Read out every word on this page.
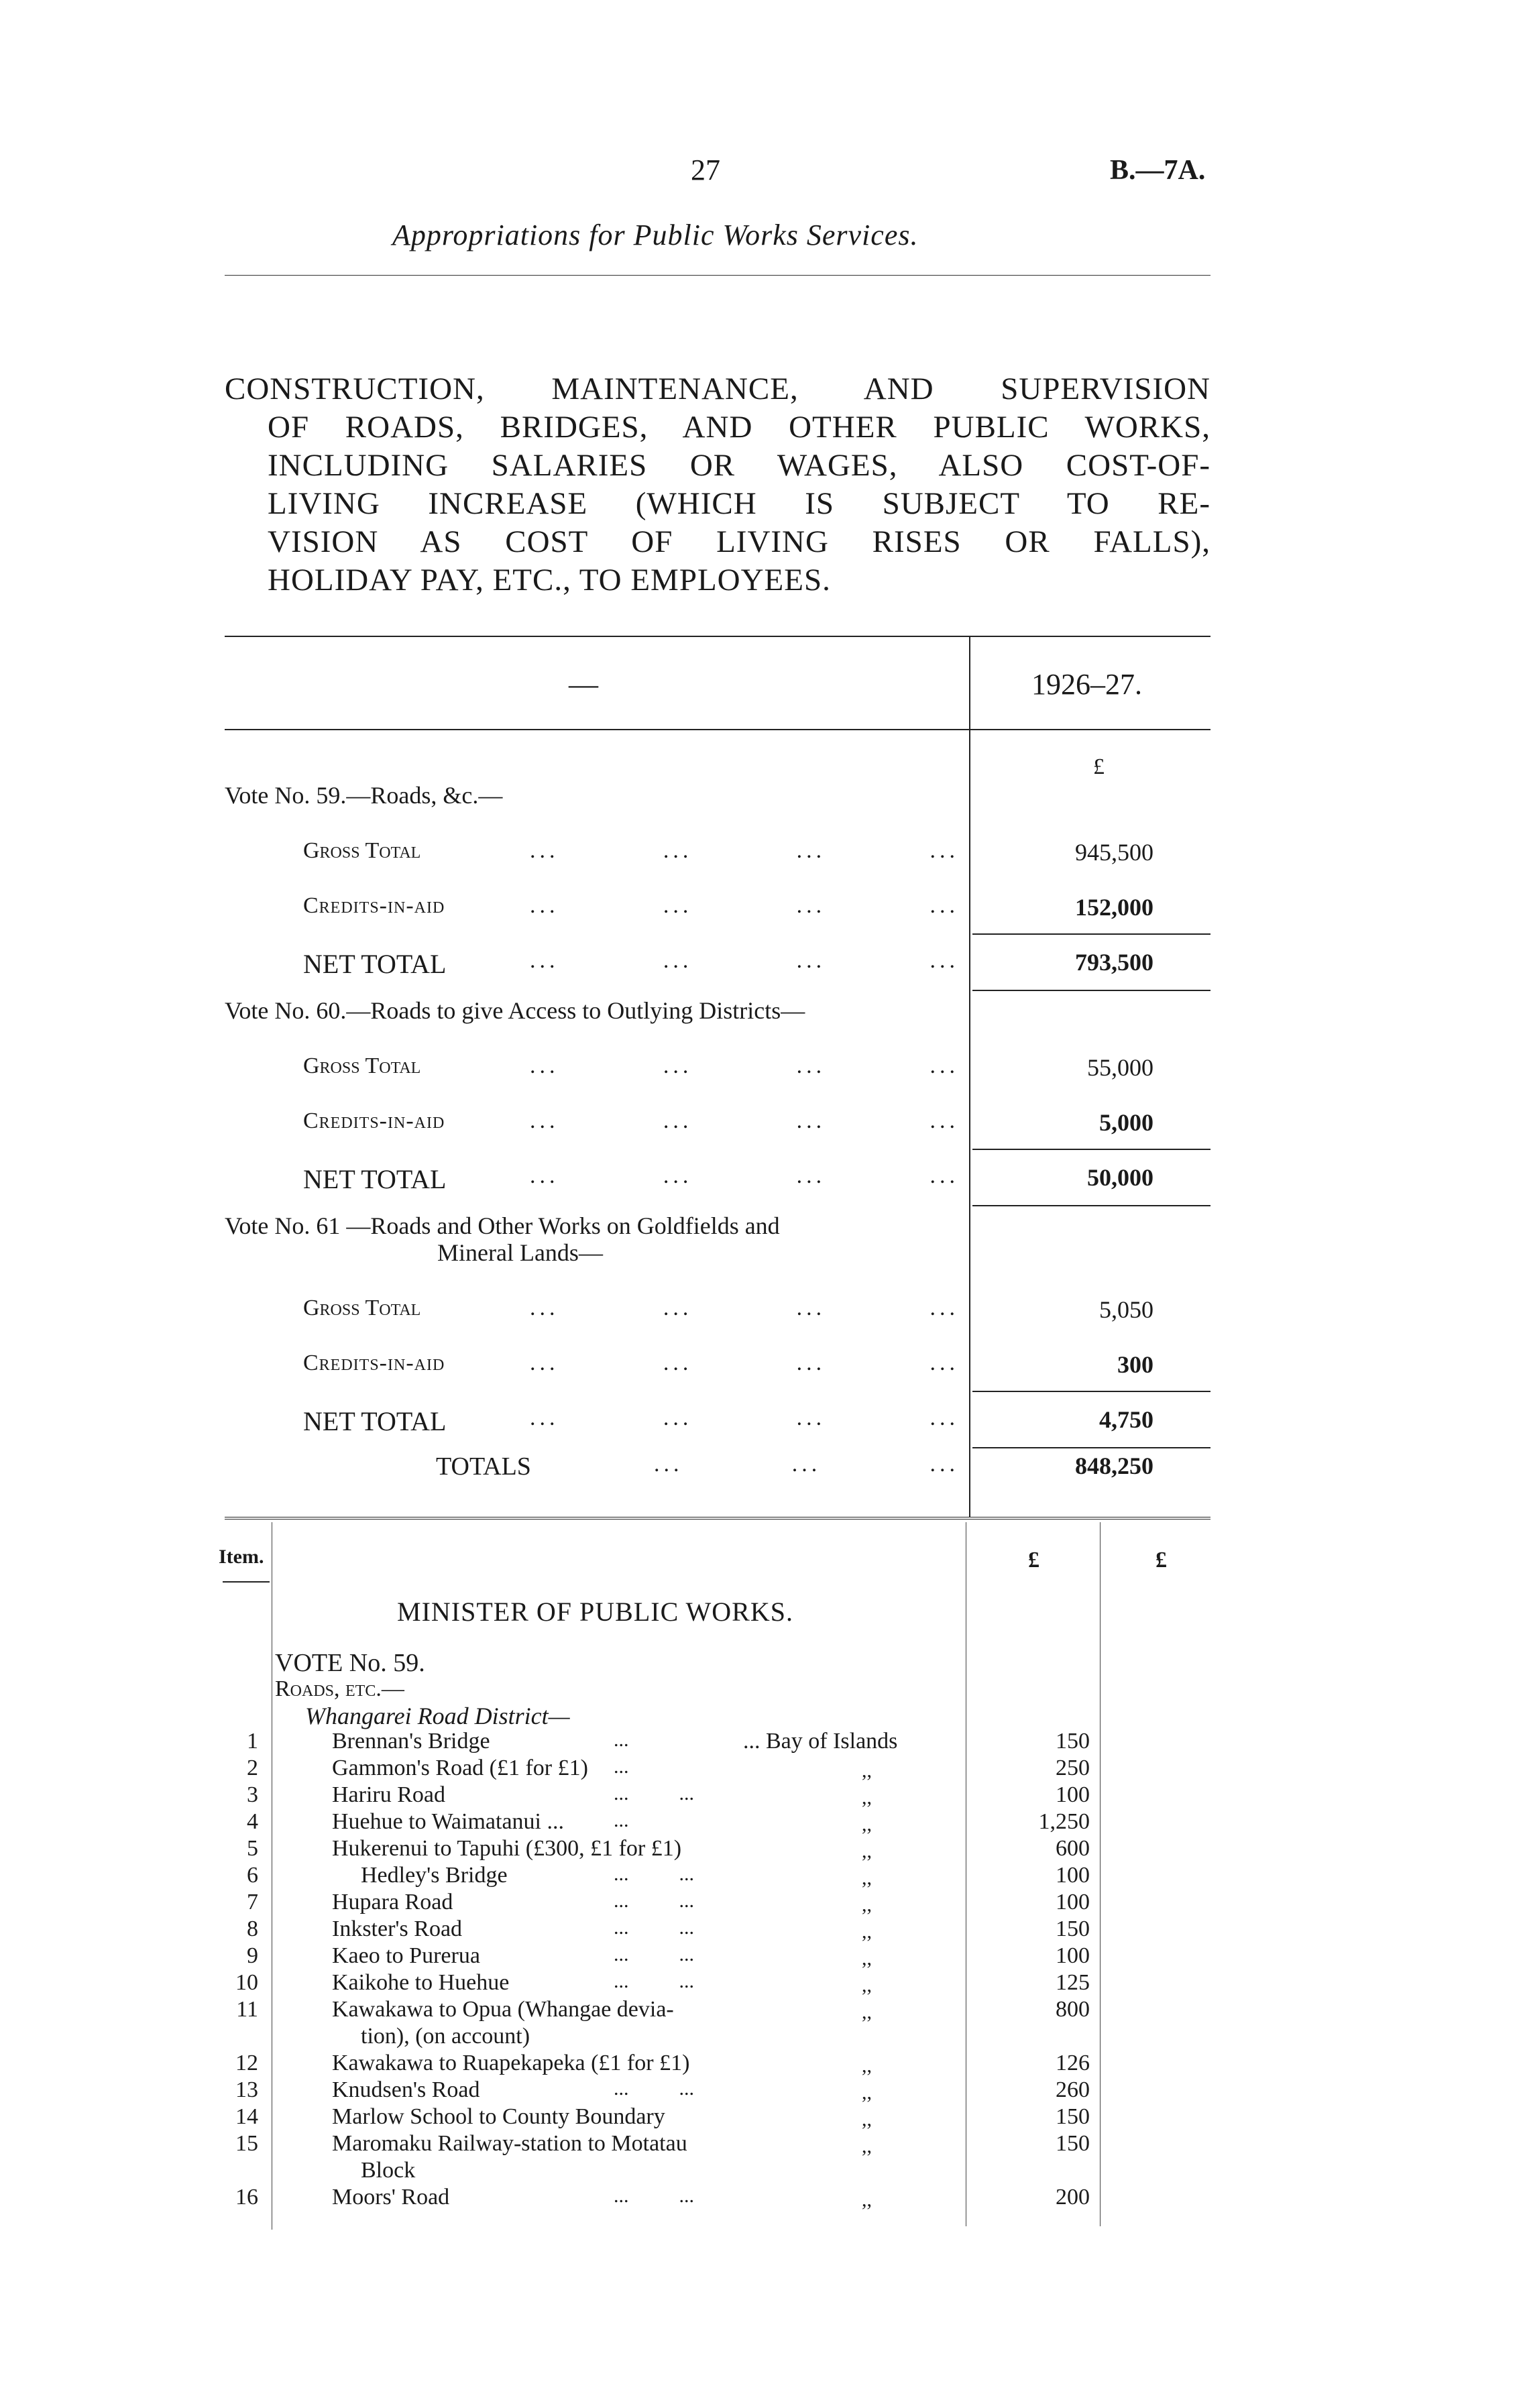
27	B.—7A.
Appropriations for Public Works Services.
CONSTRUCTION, MAINTENANCE, AND SUPERVISION
OF ROADS, BRIDGES, AND OTHER PUBLIC WORKS,
INCLUDING SALARIES OR WAGES, ALSO COST-OF-
LIVING INCREASE (WHICH IS SUBJECT TO RE-
VISION AS COST OF LIVING RISES OR FALLS),
HOLIDAY PAY, ETC., TO EMPLOYEES.
—	1926–27.
£
Vote No. 59.—Roads, &c.—
Gross Total	...	...	...	...	945,500
Credits-in-aid	...	...	...	...	152,000
NET TOTAL	...	...	...	...	793,500
Vote No. 60.—Roads to give Access to Outlying Districts—
Gross Total	...	...	...	...	55,000
Credits-in-aid	...	...	...	...	5,000
NET TOTAL	...	...	...	...	50,000
Vote No. 61 —Roads and Other Works on Goldfields and
Mineral Lands—
Gross Total	...	...	...	...	5,050
Credits-in-aid	...	...	...	...	300
NET TOTAL	...	...	...	...	4,750
TOTALS	...	...	...	848,250
Item.	£	£
MINISTER OF PUBLIC WORKS.
VOTE No. 59.
Roads, etc.—
Whangarei Road District—
1	Brennan's Bridge	...	... Bay of Islands	150
2	Gammon's Road (£1 for £1) ...	,,	250
3	Hariru Road	...          ...	,,	100
4	Huehue to Waimatanui ... ...	,,	1,250
5	Hukerenui to Tapuhi (£300, £1 for £1)	,,	600
6	Hedley's Bridge	...          ...	,,	100
7	Hupara Road	...          ...	,,	100
8	Inkster's Road	...          ...	,,	150
9	Kaeo to Purerua	...          ...	,,	100
10	Kaikohe to Huehue	...          ...	,,	125
11	Kawakawa to Opua (Whangae devia-	,,	800
tion), (on account)
12	Kawakawa to Ruapekapeka (£1 for £1)	,,	126
13	Knudsen's Road	...          ...	,,	260
14	Marlow School to County Boundary	,,	150
15	Maromaku Railway-station to Motatau	,,	150
Block
16	Moors' Road	...          ...	,,	200
